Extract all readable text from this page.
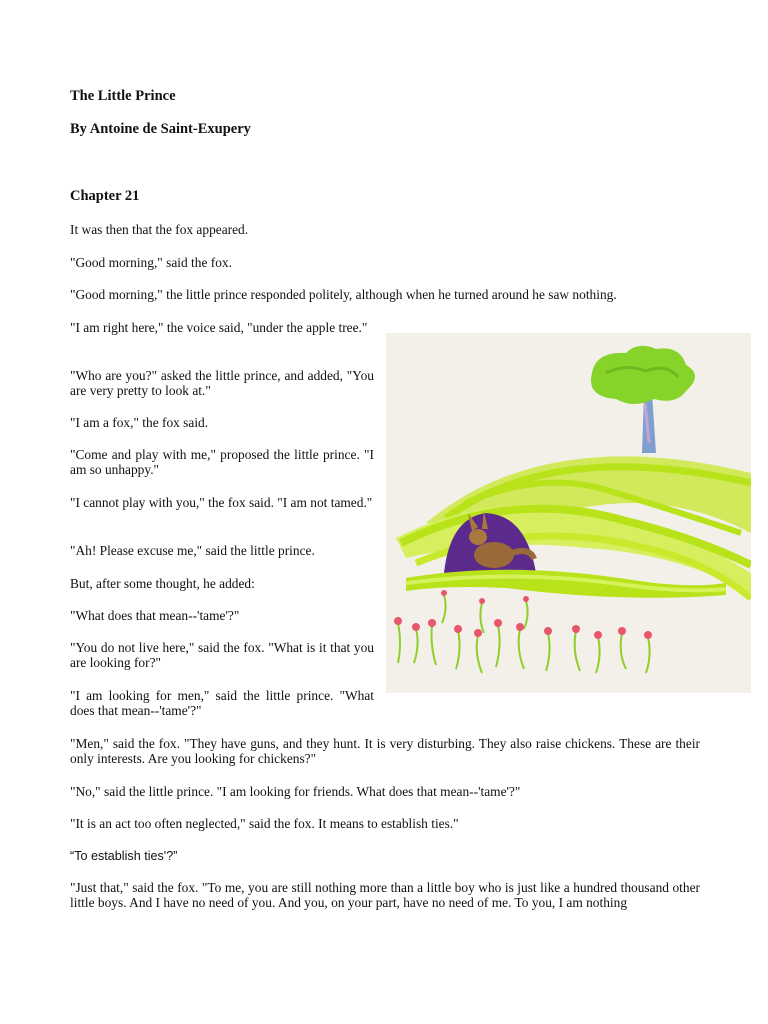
The Little Prince
By Antoine de Saint-Exupery
Chapter 21

It was then that the fox appeared.

"Good morning," said the fox.

"Good morning," the little prince responded politely, although when he turned around he saw nothing.

"I am right here," the voice said, "under the apple tree."

"Who are you?" asked the little prince, and added, "You are very pretty to look at."

"I am a fox," the fox said.

"Come and play with me," proposed the little prince. "I am so unhappy."

"I cannot play with you," the fox said. "I am not tamed."

"Ah! Please excuse me," said the little prince.

But, after some thought, he added:

"What does that mean--'tame'?"

"You do not live here," said the fox. "What is it that you are looking for?"

"I am looking for men," said the little prince. "What does that mean--'tame'?"

"Men," said the fox. "They have guns, and they hunt. It is very disturbing. They also raise chickens. These are their only interests. Are you looking for chickens?"

"No," said the little prince. "I am looking for friends. What does that mean--'tame'?"

"It is an act too often neglected," said the fox. It means to establish ties."

“To establish ties'?”

"Just that," said the fox. "To me, you are still nothing more than a little boy who is just like a hundred thousand other little boys. And I have no need of you. And you, on your part, have no need of me. To you, I am nothing
